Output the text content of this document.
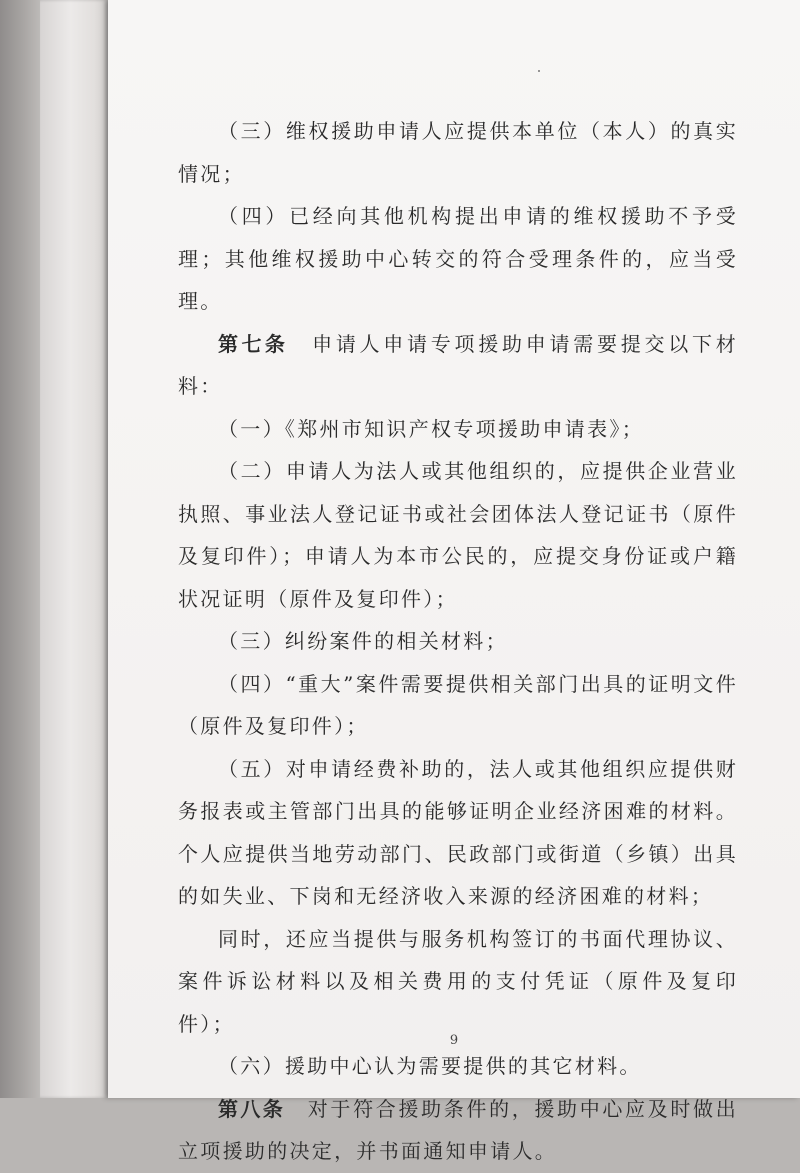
（三）维权援助申请人应提供本单位（本人）的真实情况；

（四）已经向其他机构提出申请的维权援助不予受理；其他维权援助中心转交的符合受理条件的，应当受理。

第七条　申请人申请专项援助申请需要提交以下材料：

（一）《郑州市知识产权专项援助申请表》；

（二）申请人为法人或其他组织的，应提供企业营业执照、事业法人登记证书或社会团体法人登记证书（原件及复印件）；申请人为本市公民的，应提交身份证或户籍状况证明（原件及复印件）；

（三）纠纷案件的相关材料；

（四）“重大”案件需要提供相关部门出具的证明文件（原件及复印件）；

（五）对申请经费补助的，法人或其他组织应提供财务报表或主管部门出具的能够证明企业经济困难的材料。个人应提供当地劳动部门、民政部门或街道（乡镇）出具的如失业、下岗和无经济收入来源的经济困难的材料；

同时，还应当提供与服务机构签订的书面代理协议、案件诉讼材料以及相关费用的支付凭证（原件及复印件）；

（六）援助中心认为需要提供的其它材料。

第八条　对于符合援助条件的，援助中心应及时做出立项援助的决定，并书面通知申请人。

9
